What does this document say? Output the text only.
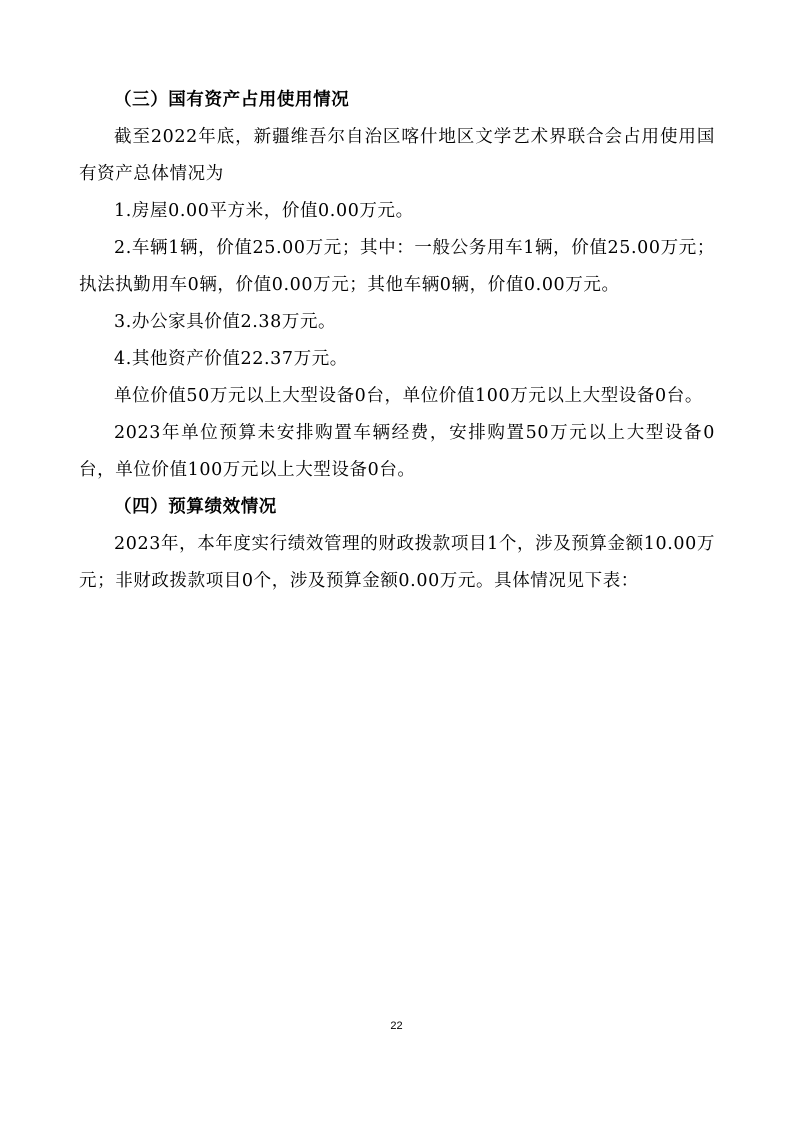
（三）国有资产占用使用情况

截至2022年底，新疆维吾尔自治区喀什地区文学艺术界联合会占用使用国有资产总体情况为

1.房屋0.00平方米，价值0.00万元。

2.车辆1辆，价值25.00万元；其中：一般公务用车1辆，价值25.00万元；执法执勤用车0辆，价值0.00万元；其他车辆0辆，价值0.00万元。

3.办公家具价值2.38万元。

4.其他资产价值22.37万元。

单位价值50万元以上大型设备0台，单位价值100万元以上大型设备0台。

2023年单位预算未安排购置车辆经费，安排购置50万元以上大型设备0台，单位价值100万元以上大型设备0台。

（四）预算绩效情况

2023年，本年度实行绩效管理的财政拨款项目1个，涉及预算金额10.00万元；非财政拨款项目0个，涉及预算金额0.00万元。具体情况见下表：

22
